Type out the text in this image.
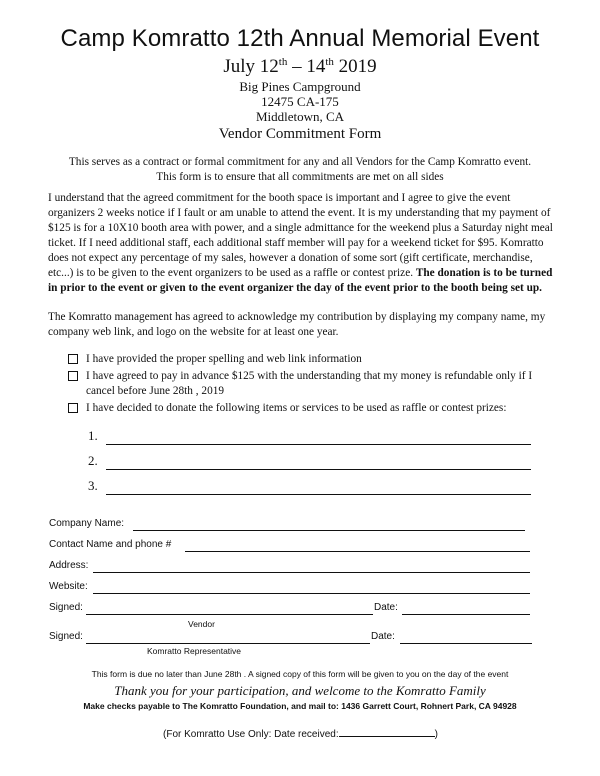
Camp Komratto 12th Annual Memorial Event
July 12th – 14th 2019
Big Pines Campground
12475 CA-175
Middletown, CA
Vendor Commitment Form
This serves as a contract or formal commitment for any and all Vendors for the Camp Komratto event.
This form is to ensure that all commitments are met on all sides
I understand that the agreed commitment for the booth space is important and I agree to give the event organizers 2 weeks notice if I fault or am unable to attend the event. It is my understanding that my payment of $125 is for a 10X10 booth area with power, and a single admittance for the weekend plus a Saturday night meal ticket. If I need additional staff, each additional staff member will pay for a weekend ticket for $95. Komratto does not expect any percentage of my sales, however a donation of some sort (gift certificate, merchandise, etc...) is to be given to the event organizers to be used as a raffle or contest prize. The donation is to be turned in prior to the event or given to the event organizer the day of the event prior to the booth being set up.
The Komratto management has agreed to acknowledge my contribution by displaying my company name, my company web link, and logo on the website for at least one year.
I have provided the proper spelling and web link information
I have agreed to pay in advance $125 with the understanding that my money is refundable only if I cancel before June 28th , 2019
I have decided to donate the following items or services to be used as raffle or contest prizes:
1.
2.
3.
Company Name:
Contact Name and phone #
Address:
Website:
Signed:	Date:
Vendor
Signed:	Date:
Komratto Representative
This form is due no later than June 28th . A signed copy of this form will be given to you on the day of the event
Thank you for your participation, and welcome to the Komratto Family
Make checks payable to The Komratto Foundation, and mail to: 1436 Garrett Court, Rohnert Park, CA 94928
(For Komratto Use Only: Date received:	)
